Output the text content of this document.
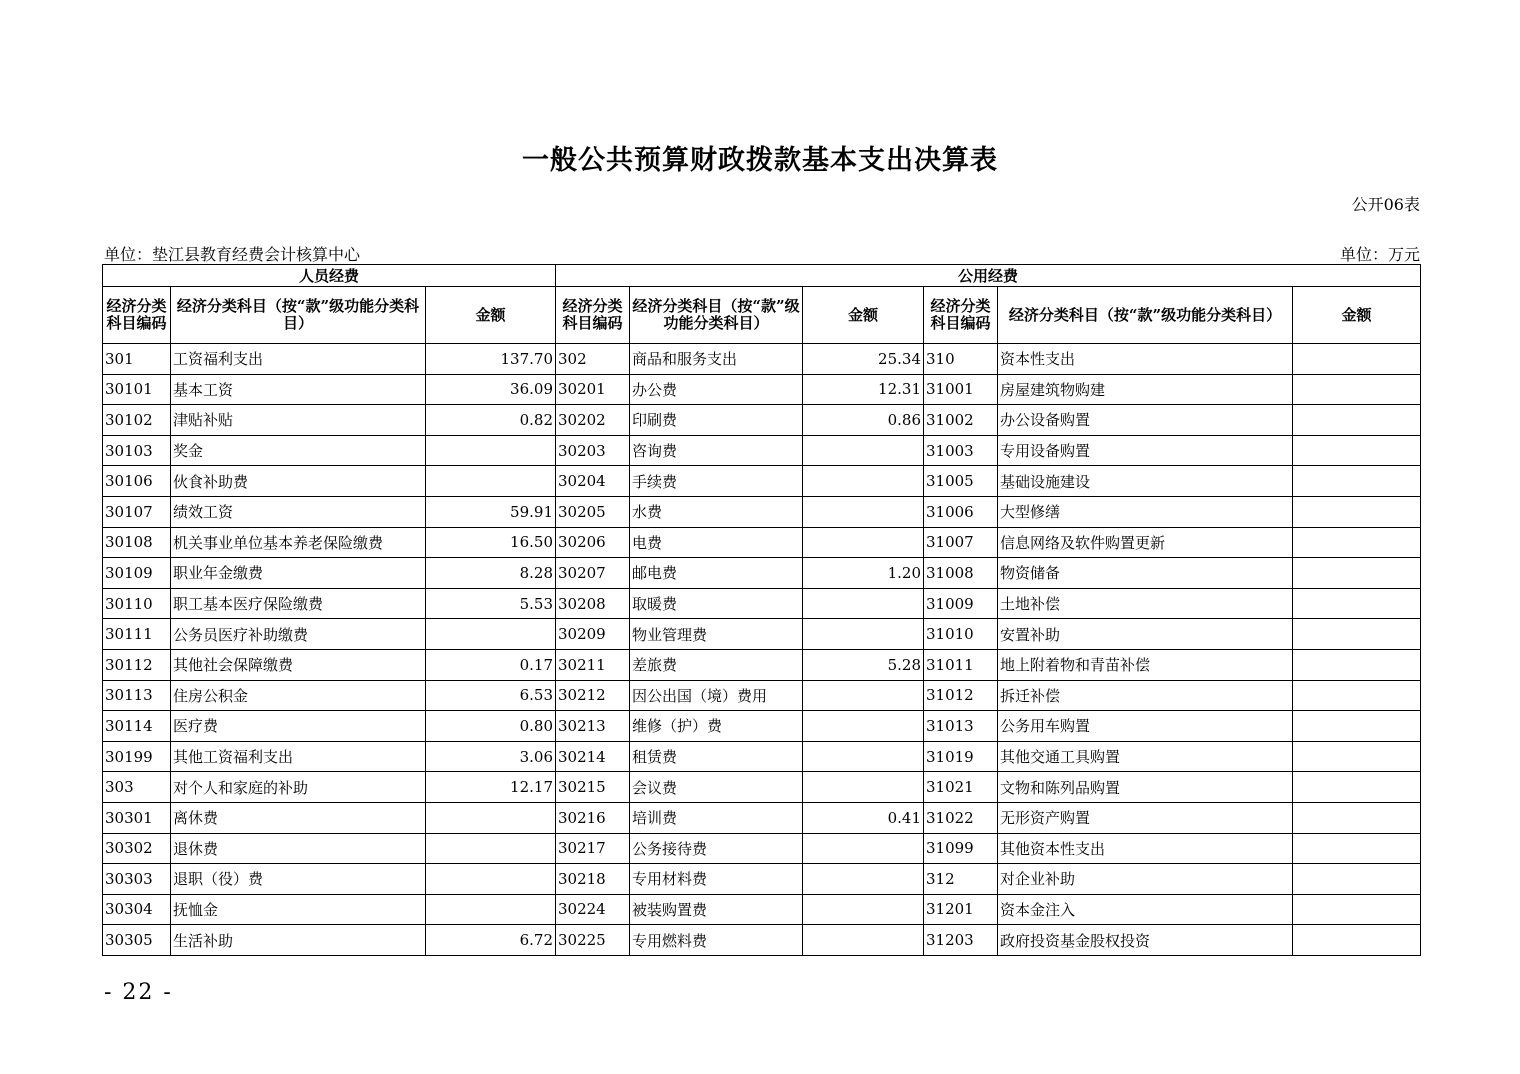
一般公共预算财政拨款基本支出决算表
公开06表
单位：垫江县教育经费会计核算中心	单位：万元
人员经费			公用经费					
经济分类科目编码	经济分类科目（按“款”级功能分类科目）	金额	经济分类科目编码	经济分类科目（按“款”级功能分类科目）	金额	经济分类科目编码	经济分类科目（按“款”级功能分类科目）	金额
301	工资福利支出	137.70	302	商品和服务支出	25.34	310	资本性支出	
30101	基本工资	36.09	30201	办公费	12.31	31001	房屋建筑物购建	
30102	津贴补贴	0.82	30202	印刷费	0.86	31002	办公设备购置	
30103	奖金		30203	咨询费		31003	专用设备购置	
30106	伙食补助费		30204	手续费		31005	基础设施建设	
30107	绩效工资	59.91	30205	水费		31006	大型修缮	
30108	机关事业单位基本养老保险缴费	16.50	30206	电费		31007	信息网络及软件购置更新	
30109	职业年金缴费	8.28	30207	邮电费	1.20	31008	物资储备	
30110	职工基本医疗保险缴费	5.53	30208	取暖费		31009	土地补偿	
30111	公务员医疗补助缴费		30209	物业管理费		31010	安置补助	
30112	其他社会保障缴费	0.17	30211	差旅费	5.28	31011	地上附着物和青苗补偿	
30113	住房公积金	6.53	30212	因公出国（境）费用		31012	拆迁补偿	
30114	医疗费	0.80	30213	维修（护）费		31013	公务用车购置	
30199	其他工资福利支出	3.06	30214	租赁费		31019	其他交通工具购置	
303	对个人和家庭的补助	12.17	30215	会议费		31021	文物和陈列品购置	
30301	离休费		30216	培训费	0.41	31022	无形资产购置	
30302	退休费		30217	公务接待费		31099	其他资本性支出	
30303	退职（役）费		30218	专用材料费		312	对企业补助	
30304	抚恤金		30224	被装购置费		31201	资本金注入	
30305	生活补助	6.72	30225	专用燃料费		31203	政府投资基金股权投资	
- 22 -
